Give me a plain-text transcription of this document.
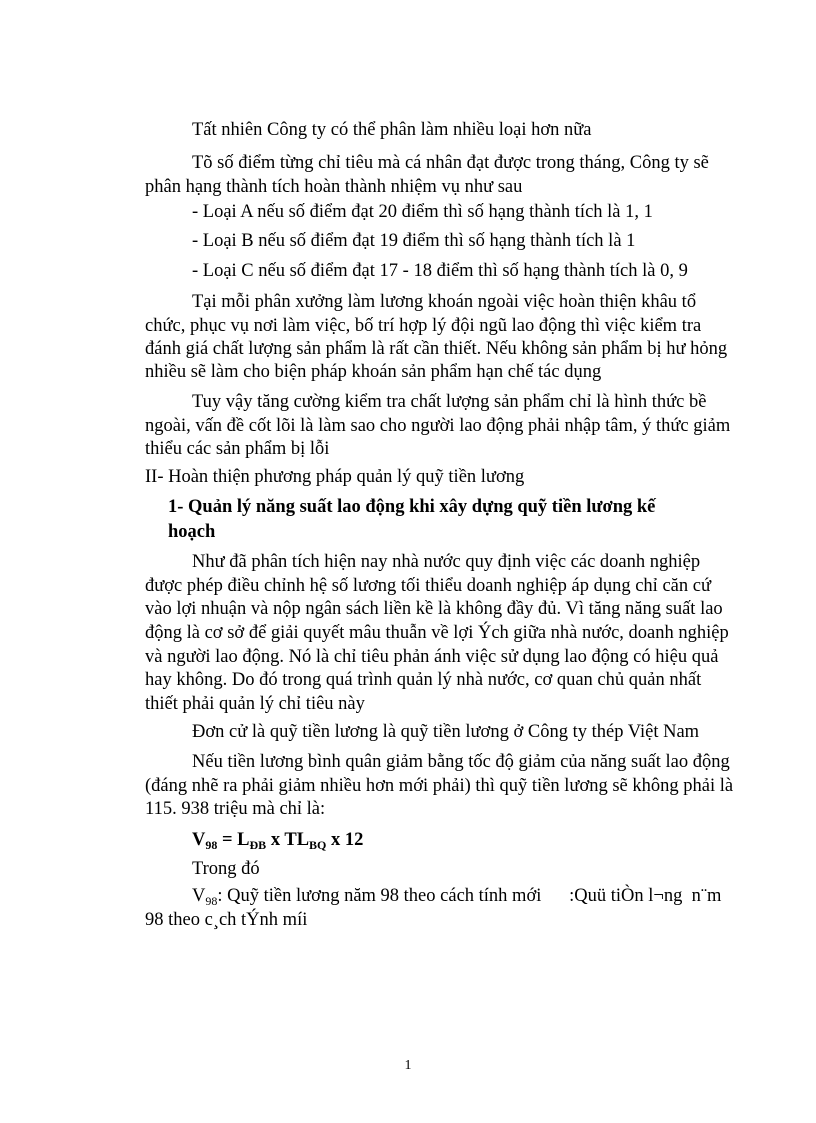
Tất nhiên Công ty có thể phân làm nhiều loại hơn nữa
Tõ số điểm từng chỉ tiêu mà cá nhân đạt được trong tháng, Công ty sẽ
phân hạng thành tích hoàn thành nhiệm vụ như sau
- Loại A nếu số điểm đạt 20 điểm thì số hạng thành tích là 1, 1
- Loại B nếu số điểm đạt 19 điểm thì số hạng thành tích là 1
- Loại C nếu số điểm đạt 17 - 18 điểm thì số hạng thành tích là 0, 9
Tại mỗi phân xưởng làm lương khoán ngoài việc hoàn thiện khâu tổ
chức, phục vụ nơi làm việc, bố trí hợp lý đội ngũ lao động thì việc kiểm tra
đánh giá chất lượng sản phẩm là rất cần thiết. Nếu không sản phẩm bị hư hỏng
nhiều sẽ làm cho biện pháp khoán sản phẩm hạn chế tác dụng
Tuy vậy tăng cường kiểm tra chất lượng sản phẩm chỉ là hình thức bề
ngoài, vấn đề cốt lõi là làm sao cho người lao động phải nhập tâm, ý thức giảm
thiểu các sản phẩm bị lỗi
II- Hoàn thiện phương pháp quản lý quỹ tiền lương
1- Quản lý năng suất lao động khi xây dựng quỹ tiền lương kế
hoạch
Như đã phân tích hiện nay nhà nước quy định việc các doanh nghiệp
được phép điều chỉnh hệ số lương tối thiểu doanh nghiệp áp dụng chỉ căn cứ
vào lợi nhuận và nộp ngân sách liền kề là không đầy đủ. Vì tăng năng suất lao
động là cơ sở để giải quyết mâu thuẫn về lợi Ých giữa nhà nước, doanh nghiệp
và người lao động. Nó là chỉ tiêu phản ánh việc sử dụng lao động có hiệu quả
hay không. Do đó trong quá trình quản lý nhà nước, cơ quan chủ quản nhất
thiết phải quản lý chỉ tiêu này
Đơn cử là quỹ tiền lương là quỹ tiền lương ở Công ty thép Việt Nam
Nếu tiền lương bình quân giảm bằng tốc độ giảm của năng suất lao động
(đáng nhẽ ra phải giảm nhiều hơn mới phải) thì quỹ tiền lương sẽ không phải là
115. 938 triệu mà chỉ là:
$V_{98} = L_{ĐB}$ x $TL_{BQ}$ x 12
Trong đó
$V_{98}$: Quỹ tiền lương năm 98 theo cách tính mới      :Quü tiÒn l¬ng  n¨m
98 theo c¸ch tÝnh míi
1
